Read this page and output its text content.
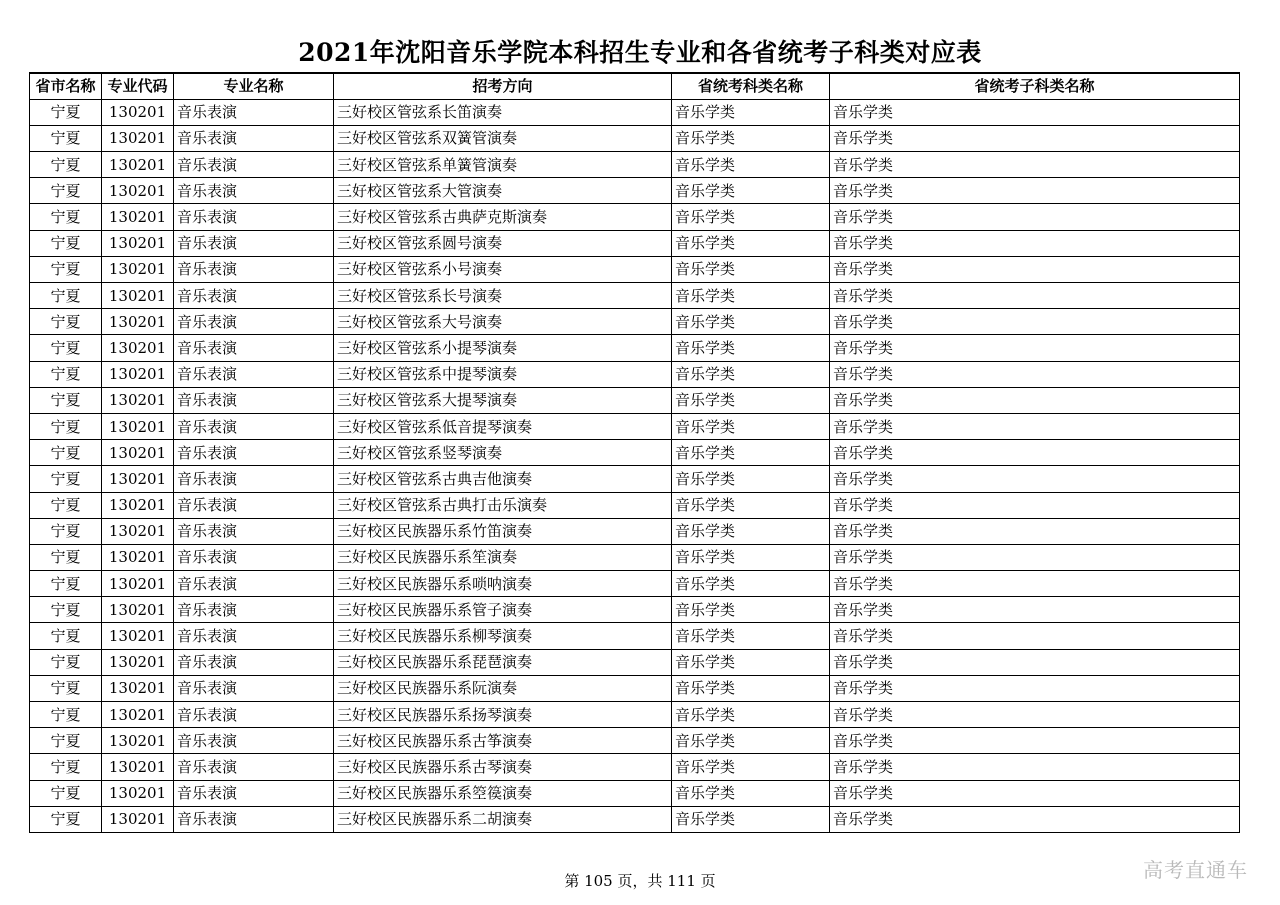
2021年沈阳音乐学院本科招生专业和各省统考子科类对应表
省市名称	专业代码	专业名称	招考方向	省统考科类名称	省统考子科类名称
宁夏	130201	音乐表演	三好校区管弦系长笛演奏	音乐学类	音乐学类
宁夏	130201	音乐表演	三好校区管弦系双簧管演奏	音乐学类	音乐学类
宁夏	130201	音乐表演	三好校区管弦系单簧管演奏	音乐学类	音乐学类
宁夏	130201	音乐表演	三好校区管弦系大管演奏	音乐学类	音乐学类
宁夏	130201	音乐表演	三好校区管弦系古典萨克斯演奏	音乐学类	音乐学类
宁夏	130201	音乐表演	三好校区管弦系圆号演奏	音乐学类	音乐学类
宁夏	130201	音乐表演	三好校区管弦系小号演奏	音乐学类	音乐学类
宁夏	130201	音乐表演	三好校区管弦系长号演奏	音乐学类	音乐学类
宁夏	130201	音乐表演	三好校区管弦系大号演奏	音乐学类	音乐学类
宁夏	130201	音乐表演	三好校区管弦系小提琴演奏	音乐学类	音乐学类
宁夏	130201	音乐表演	三好校区管弦系中提琴演奏	音乐学类	音乐学类
宁夏	130201	音乐表演	三好校区管弦系大提琴演奏	音乐学类	音乐学类
宁夏	130201	音乐表演	三好校区管弦系低音提琴演奏	音乐学类	音乐学类
宁夏	130201	音乐表演	三好校区管弦系竖琴演奏	音乐学类	音乐学类
宁夏	130201	音乐表演	三好校区管弦系古典吉他演奏	音乐学类	音乐学类
宁夏	130201	音乐表演	三好校区管弦系古典打击乐演奏	音乐学类	音乐学类
宁夏	130201	音乐表演	三好校区民族器乐系竹笛演奏	音乐学类	音乐学类
宁夏	130201	音乐表演	三好校区民族器乐系笙演奏	音乐学类	音乐学类
宁夏	130201	音乐表演	三好校区民族器乐系唢呐演奏	音乐学类	音乐学类
宁夏	130201	音乐表演	三好校区民族器乐系管子演奏	音乐学类	音乐学类
宁夏	130201	音乐表演	三好校区民族器乐系柳琴演奏	音乐学类	音乐学类
宁夏	130201	音乐表演	三好校区民族器乐系琵琶演奏	音乐学类	音乐学类
宁夏	130201	音乐表演	三好校区民族器乐系阮演奏	音乐学类	音乐学类
宁夏	130201	音乐表演	三好校区民族器乐系扬琴演奏	音乐学类	音乐学类
宁夏	130201	音乐表演	三好校区民族器乐系古筝演奏	音乐学类	音乐学类
宁夏	130201	音乐表演	三好校区民族器乐系古琴演奏	音乐学类	音乐学类
宁夏	130201	音乐表演	三好校区民族器乐系箜篌演奏	音乐学类	音乐学类
宁夏	130201	音乐表演	三好校区民族器乐系二胡演奏	音乐学类	音乐学类
第 105 页，共 111 页	高考直通车
